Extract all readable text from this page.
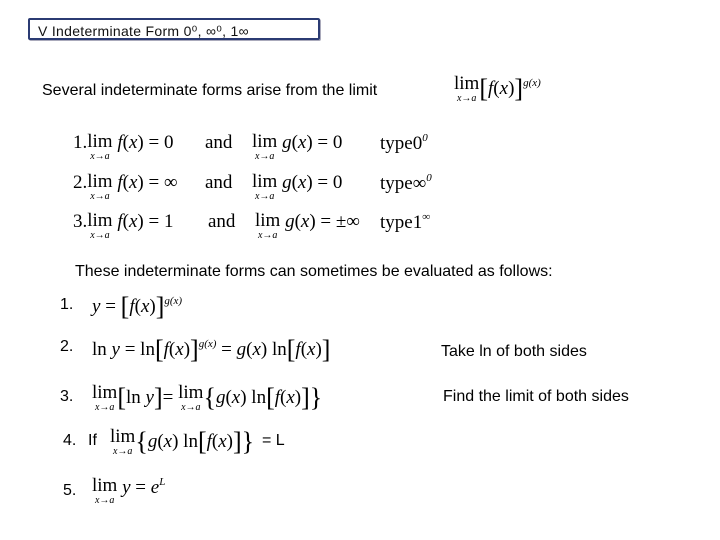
V Indeterminate Form 0⁰, ∞⁰, 1∞
Several indeterminate forms arise from the limit	lim
x→a $[f(x)]^{g(x)}$
1. lim
x→a
f(x) = 0 and lim
x→a
g(x) = 0 $type0^0$
2. lim
x→a
f(x) = ∞ and lim
x→a
g(x) = 0 type∞$^0$
3. lim
x→a
f(x) = 1 and lim
x→a
g(x) = ±∞ type1∞
These indeterminate forms can sometimes be evaluated as follows:
1. $y = [f(x)]^{g(x)}$
2. $\ln y = \ln[f(x)]^{g(x)} = g(x)$ ln[f(x)]	Take ln of both sides
3. lim
x→a [ln y]= lim
x→a {g(x) ln[f(x)]}	Find the limit of both sides
4. If lim
x→a {g(x) ln[f(x)]} = L
5. lim
x→a
$y = e^L$
